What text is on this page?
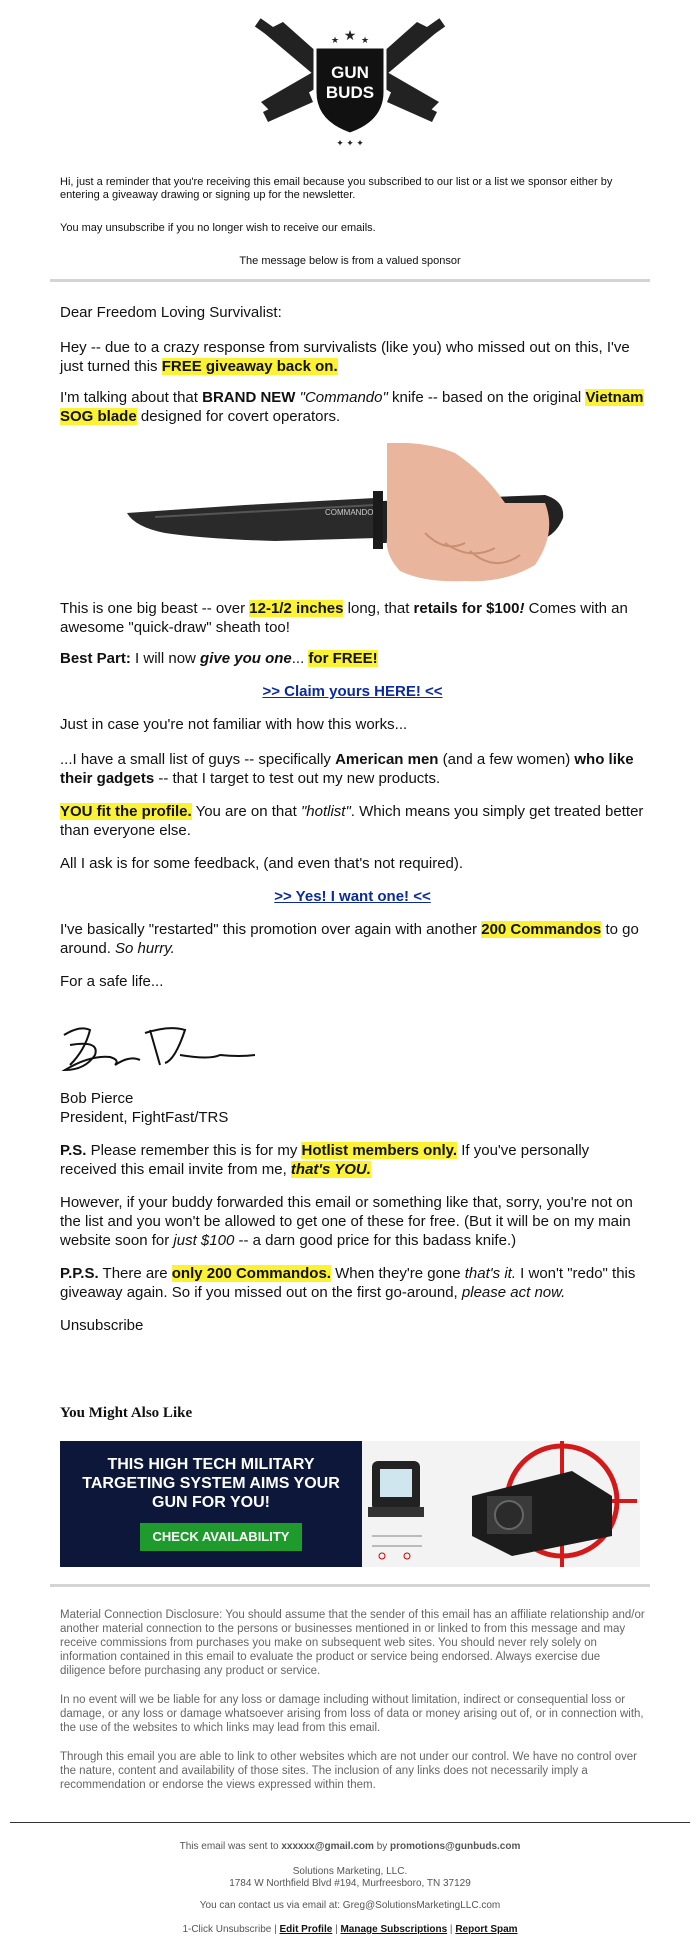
★
★ ★
✦ ✦ ✦
GUN
BUDS
Hi, just a reminder that you're receiving this email because you subscribed to our list or a list we sponsor either by entering a giveaway drawing or signing up for the newsletter.
You may unsubscribe if you no longer wish to receive our emails.
The message below is from a valued sponsor

Dear Freedom Loving Survivalist:

Hey -- due to a crazy response from survivalists (like you) who missed out on this, I've just turned this FREE giveaway back on.

I'm talking about that BRAND NEW "Commando" knife -- based on the original Vietnam SOG blade designed for covert operators.

COMMANDO

This is one big beast -- over 12-1/2 inches long, that retails for $100! Comes with an awesome "quick-draw" sheath too!

Best Part: I will now give you one... for FREE!

>> Claim yours HERE! <<

Just in case you're not familiar with how this works...

...I have a small list of guys -- specifically American men (and a few women) who like their gadgets -- that I target to test out my new products.

YOU fit the profile. You are on that "hotlist". Which means you simply get treated better than everyone else.

All I ask is for some feedback, (and even that's not required).

>> Yes! I want one! <<

I've basically "restarted" this promotion over again with another 200 Commandos to go around. So hurry.

For a safe life...

Bob Pierce

President, FightFast/TRS

P.S. Please remember this is for my Hotlist members only. If you've personally received this email invite from me, that's YOU.

However, if your buddy forwarded this email or something like that, sorry, you're not on the list and you won't be allowed to get one of these for free. (But it will be on my main website soon for just $100 -- a darn good price for this badass knife.)

P.P.S. There are only 200 Commandos. When they're gone that's it. I won't "redo" this giveaway again. So if you missed out on the first go-around, please act now.

Unsubscribe

You Might Also Like
THIS HIGH TECH MILITARY TARGETING SYSTEM AIMS YOUR GUN FOR YOU!
CHECK AVAILABILITY

Material Connection Disclosure: You should assume that the sender of this email has an affiliate relationship and/or another material connection to the persons or businesses mentioned in or linked to from this message and may receive commissions from purchases you make on subsequent web sites. You should never rely solely on information contained in this email to evaluate the product or service being endorsed. Always exercise due diligence before purchasing any product or service.

In no event will we be liable for any loss or damage including without limitation, indirect or consequential loss or damage, or any loss or damage whatsoever arising from loss of data or money arising out of, or in connection with, the use of the websites to which links may lead from this email.

Through this email you are able to link to other websites which are not under our control. We have no control over the nature, content and availability of those sites. The inclusion of any links does not necessarily imply a recommendation or endorse the views expressed within them.

This email was sent to xxxxxx@gmail.com by promotions@gunbuds.com
Solutions Marketing, LLC.
1784 W Northfield Blvd #194, Murfreesboro, TN 37129
You can contact us via email at: Greg@SolutionsMarketingLLC.com
1-Click Unsubscribe | Edit Profile | Manage Subscriptions | Report Spam
